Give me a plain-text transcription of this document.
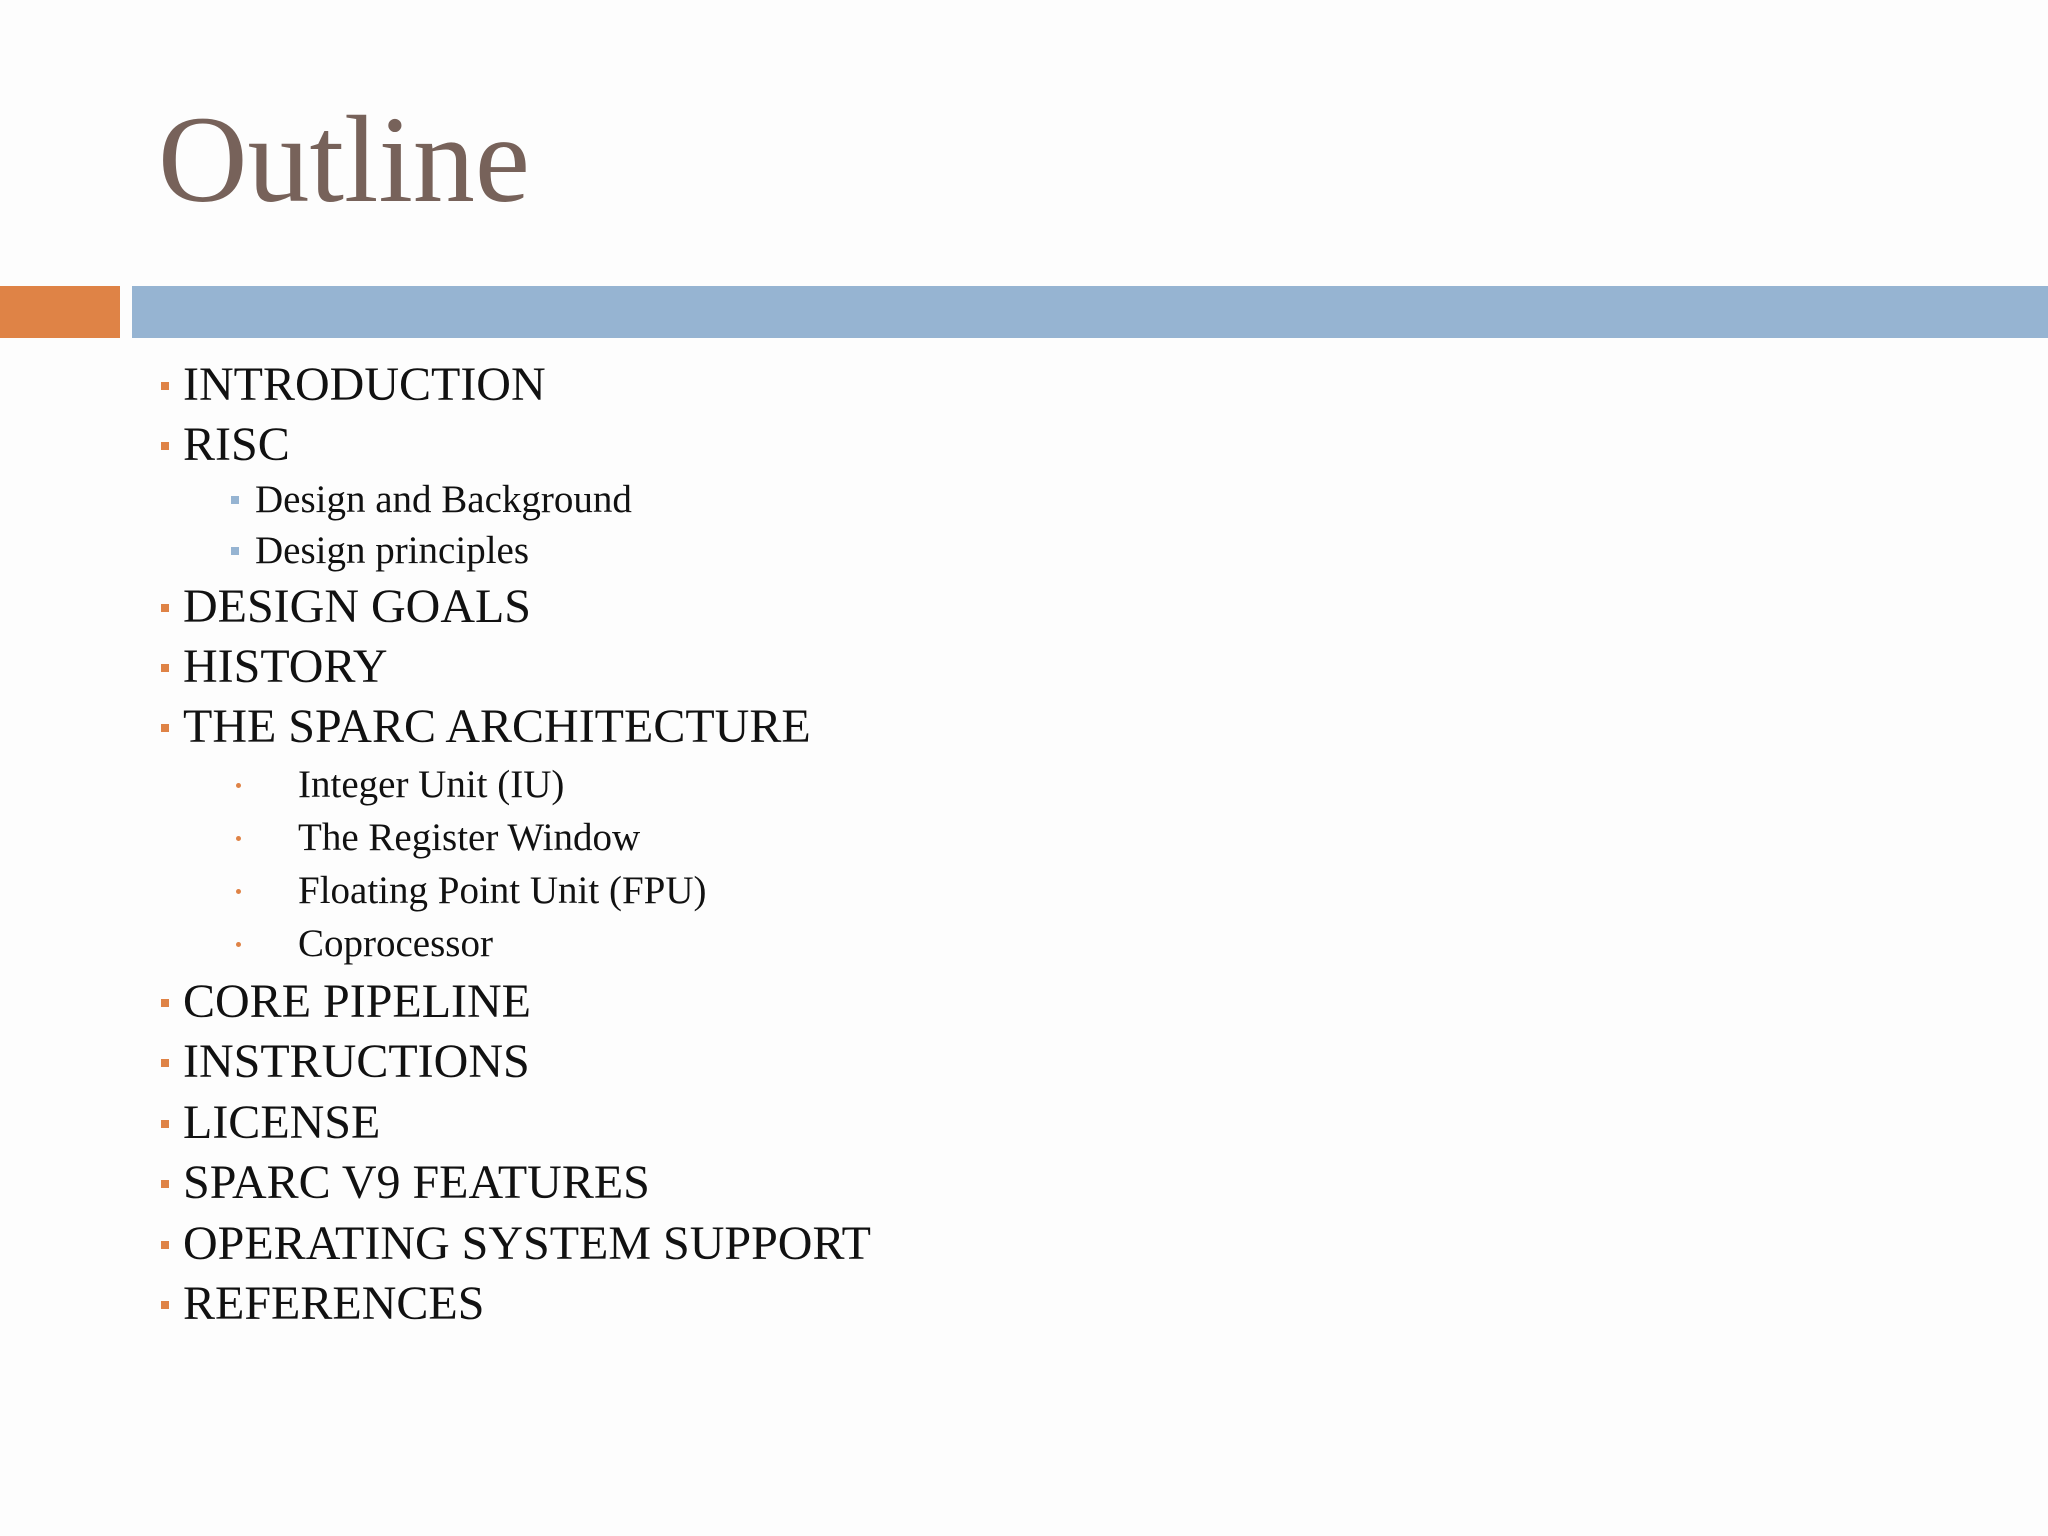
Outline
INTRODUCTION
RISC
Design and Background
Design principles
DESIGN GOALS
HISTORY
THE SPARC ARCHITECTURE
Integer Unit (IU)
The Register Window
Floating Point Unit (FPU)
Coprocessor
CORE PIPELINE
INSTRUCTIONS
LICENSE
SPARC V9 FEATURES
OPERATING SYSTEM SUPPORT
REFERENCES
